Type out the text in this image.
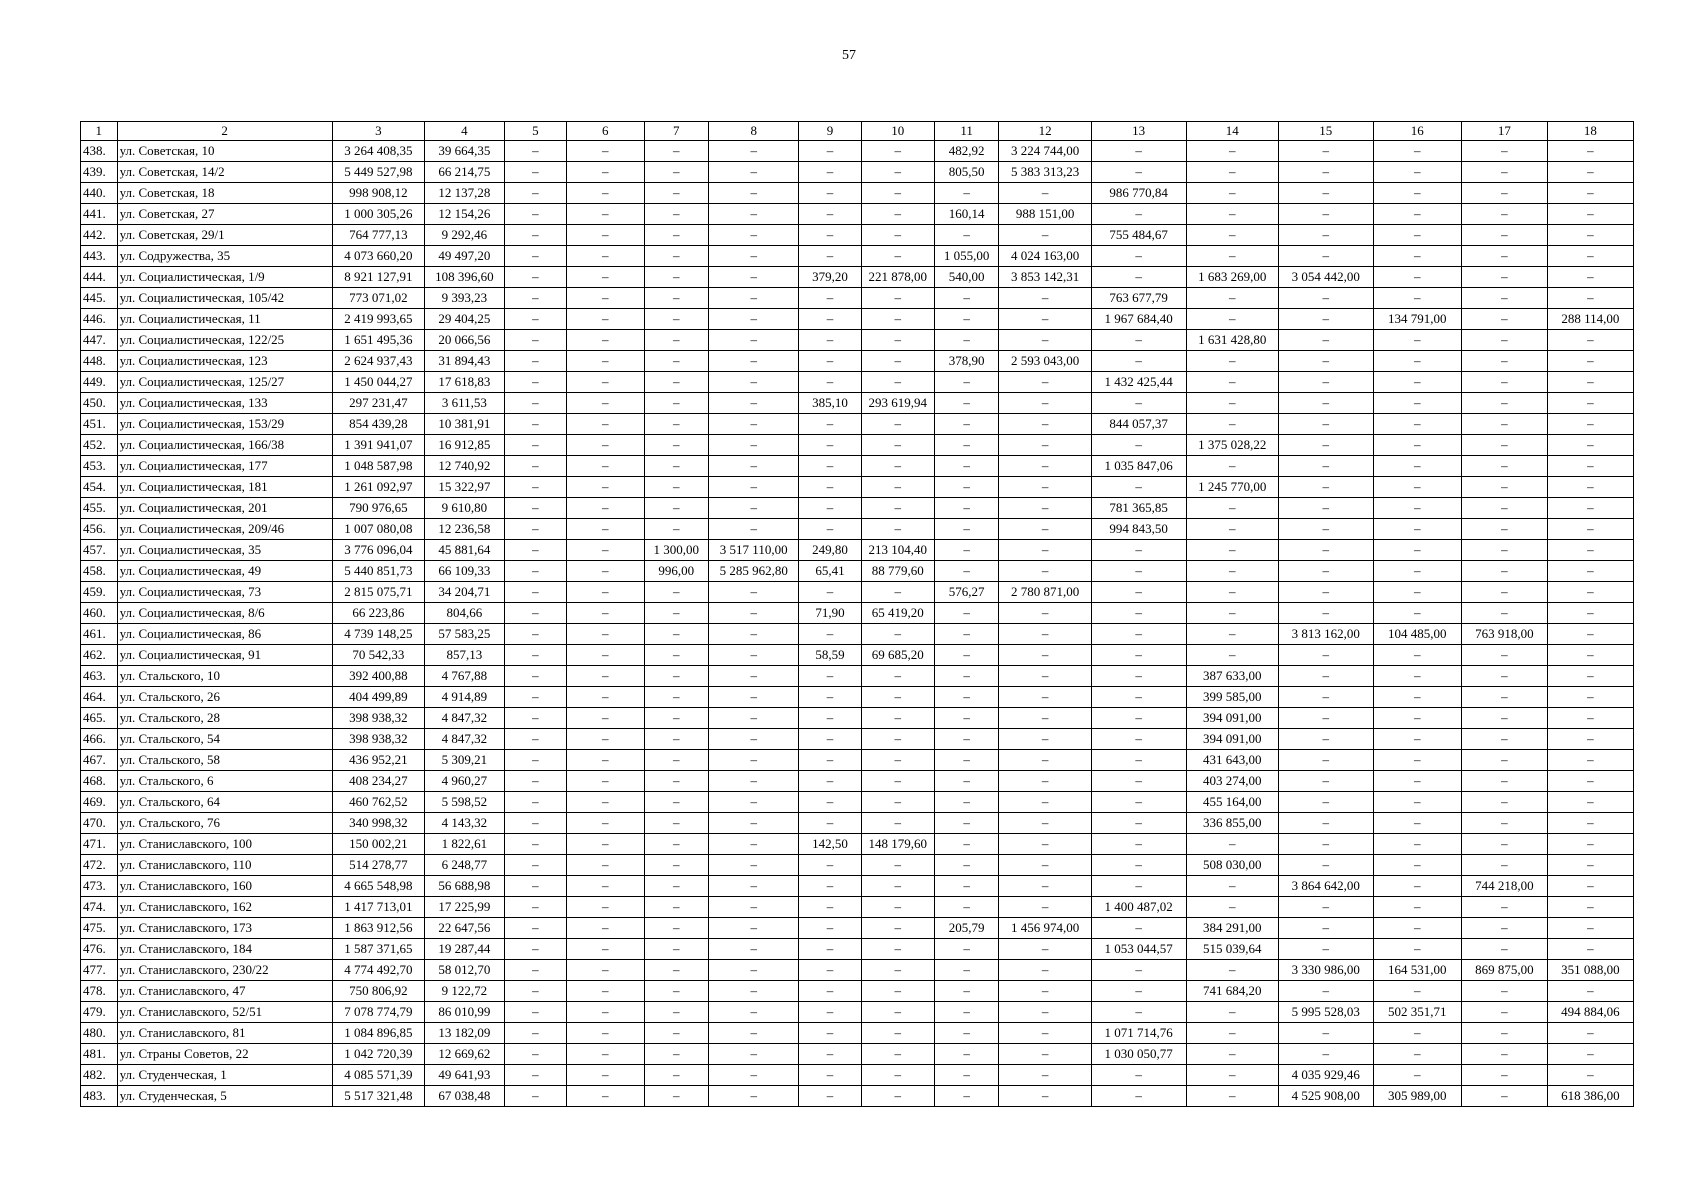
57
1	2	3	4	5	6	7	8	9	10	11	12	13	14	15	16	17	18
438.	ул. Советская, 10	3 264 408,35	39 664,35	–	–	–	–	–	–	482,92	3 224 744,00	–	–	–	–	–	–
439.	ул. Советская, 14/2	5 449 527,98	66 214,75	–	–	–	–	–	–	805,50	5 383 313,23	–	–	–	–	–	–
440.	ул. Советская, 18	998 908,12	12 137,28	–	–	–	–	–	–	–	–	986 770,84	–	–	–	–	–
441.	ул. Советская, 27	1 000 305,26	12 154,26	–	–	–	–	–	–	160,14	988 151,00	–	–	–	–	–	–
442.	ул. Советская, 29/1	764 777,13	9 292,46	–	–	–	–	–	–	–	–	755 484,67	–	–	–	–	–
443.	ул. Содружества, 35	4 073 660,20	49 497,20	–	–	–	–	–	–	1 055,00	4 024 163,00	–	–	–	–	–	–
444.	ул. Социалистическая, 1/9	8 921 127,91	108 396,60	–	–	–	–	379,20	221 878,00	540,00	3 853 142,31	–	1 683 269,00	3 054 442,00	–	–	–
445.	ул. Социалистическая, 105/42	773 071,02	9 393,23	–	–	–	–	–	–	–	–	763 677,79	–	–	–	–	–
446.	ул. Социалистическая, 11	2 419 993,65	29 404,25	–	–	–	–	–	–	–	–	1 967 684,40	–	–	134 791,00	–	288 114,00
447.	ул. Социалистическая, 122/25	1 651 495,36	20 066,56	–	–	–	–	–	–	–	–	–	1 631 428,80	–	–	–	–
448.	ул. Социалистическая, 123	2 624 937,43	31 894,43	–	–	–	–	–	–	378,90	2 593 043,00	–	–	–	–	–	–
449.	ул. Социалистическая, 125/27	1 450 044,27	17 618,83	–	–	–	–	–	–	–	–	1 432 425,44	–	–	–	–	–
450.	ул. Социалистическая, 133	297 231,47	3 611,53	–	–	–	–	385,10	293 619,94	–	–	–	–	–	–	–	–
451.	ул. Социалистическая, 153/29	854 439,28	10 381,91	–	–	–	–	–	–	–	–	844 057,37	–	–	–	–	–
452.	ул. Социалистическая, 166/38	1 391 941,07	16 912,85	–	–	–	–	–	–	–	–	–	1 375 028,22	–	–	–	–
453.	ул. Социалистическая, 177	1 048 587,98	12 740,92	–	–	–	–	–	–	–	–	1 035 847,06	–	–	–	–	–
454.	ул. Социалистическая, 181	1 261 092,97	15 322,97	–	–	–	–	–	–	–	–	–	1 245 770,00	–	–	–	–
455.	ул. Социалистическая, 201	790 976,65	9 610,80	–	–	–	–	–	–	–	–	781 365,85	–	–	–	–	–
456.	ул. Социалистическая, 209/46	1 007 080,08	12 236,58	–	–	–	–	–	–	–	–	994 843,50	–	–	–	–	–
457.	ул. Социалистическая, 35	3 776 096,04	45 881,64	–	–	1 300,00	3 517 110,00	249,80	213 104,40	–	–	–	–	–	–	–	–
458.	ул. Социалистическая, 49	5 440 851,73	66 109,33	–	–	996,00	5 285 962,80	65,41	88 779,60	–	–	–	–	–	–	–	–
459.	ул. Социалистическая, 73	2 815 075,71	34 204,71	–	–	–	–	–	–	576,27	2 780 871,00	–	–	–	–	–	–
460.	ул. Социалистическая, 8/6	66 223,86	804,66	–	–	–	–	71,90	65 419,20	–	–	–	–	–	–	–	–
461.	ул. Социалистическая, 86	4 739 148,25	57 583,25	–	–	–	–	–	–	–	–	–	–	3 813 162,00	104 485,00	763 918,00	–
462.	ул. Социалистическая, 91	70 542,33	857,13	–	–	–	–	58,59	69 685,20	–	–	–	–	–	–	–	–
463.	ул. Стальского, 10	392 400,88	4 767,88	–	–	–	–	–	–	–	–	–	387 633,00	–	–	–	–
464.	ул. Стальского, 26	404 499,89	4 914,89	–	–	–	–	–	–	–	–	–	399 585,00	–	–	–	–
465.	ул. Стальского, 28	398 938,32	4 847,32	–	–	–	–	–	–	–	–	–	394 091,00	–	–	–	–
466.	ул. Стальского, 54	398 938,32	4 847,32	–	–	–	–	–	–	–	–	–	394 091,00	–	–	–	–
467.	ул. Стальского, 58	436 952,21	5 309,21	–	–	–	–	–	–	–	–	–	431 643,00	–	–	–	–
468.	ул. Стальского, 6	408 234,27	4 960,27	–	–	–	–	–	–	–	–	–	403 274,00	–	–	–	–
469.	ул. Стальского, 64	460 762,52	5 598,52	–	–	–	–	–	–	–	–	–	455 164,00	–	–	–	–
470.	ул. Стальского, 76	340 998,32	4 143,32	–	–	–	–	–	–	–	–	–	336 855,00	–	–	–	–
471.	ул. Станиславского, 100	150 002,21	1 822,61	–	–	–	–	142,50	148 179,60	–	–	–	–	–	–	–	–
472.	ул. Станиславского, 110	514 278,77	6 248,77	–	–	–	–	–	–	–	–	–	508 030,00	–	–	–	–
473.	ул. Станиславского, 160	4 665 548,98	56 688,98	–	–	–	–	–	–	–	–	–	–	3 864 642,00	–	744 218,00	–
474.	ул. Станиславского, 162	1 417 713,01	17 225,99	–	–	–	–	–	–	–	–	1 400 487,02	–	–	–	–	–
475.	ул. Станиславского, 173	1 863 912,56	22 647,56	–	–	–	–	–	–	205,79	1 456 974,00	–	384 291,00	–	–	–	–
476.	ул. Станиславского, 184	1 587 371,65	19 287,44	–	–	–	–	–	–	–	–	1 053 044,57	515 039,64	–	–	–	–
477.	ул. Станиславского, 230/22	4 774 492,70	58 012,70	–	–	–	–	–	–	–	–	–	–	3 330 986,00	164 531,00	869 875,00	351 088,00
478.	ул. Станиславского, 47	750 806,92	9 122,72	–	–	–	–	–	–	–	–	–	741 684,20	–	–	–	–
479.	ул. Станиславского, 52/51	7 078 774,79	86 010,99	–	–	–	–	–	–	–	–	–	–	5 995 528,03	502 351,71	–	494 884,06
480.	ул. Станиславского, 81	1 084 896,85	13 182,09	–	–	–	–	–	–	–	–	1 071 714,76	–	–	–	–	–
481.	ул. Страны Советов, 22	1 042 720,39	12 669,62	–	–	–	–	–	–	–	–	1 030 050,77	–	–	–	–	–
482.	ул. Студенческая, 1	4 085 571,39	49 641,93	–	–	–	–	–	–	–	–	–	–	4 035 929,46	–	–	–
483.	ул. Студенческая, 5	5 517 321,48	67 038,48	–	–	–	–	–	–	–	–	–	–	4 525 908,00	305 989,00	–	618 386,00
